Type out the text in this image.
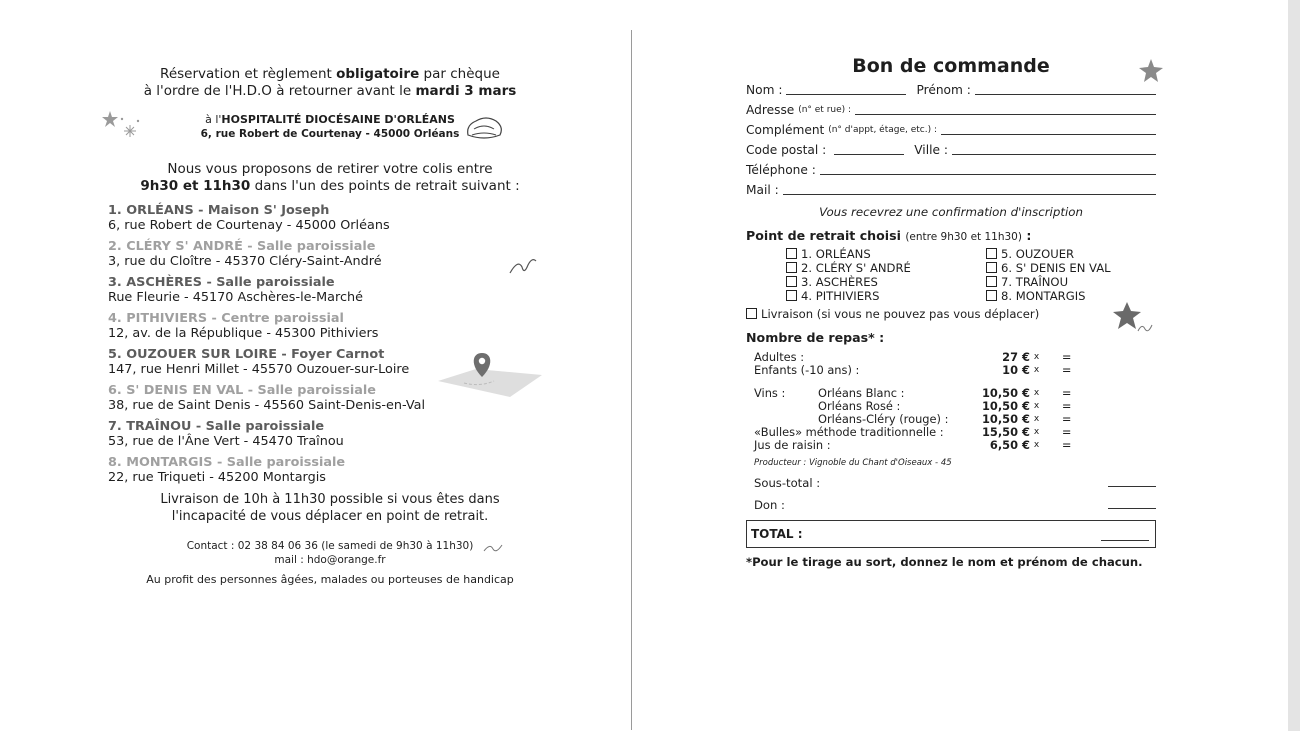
Réservation et règlement obligatoire par chèque
à l'ordre de l'H.D.O à retourner avant le mardi 3 mars
à l'HOSPITALITÉ DIOCÉSAINE D'ORLÉANS
6, rue Robert de Courtenay - 45000 Orléans
Nous vous proposons de retirer votre colis entre
9h30 et 11h30 dans l'un des points de retrait suivant :
1. ORLÉANS - Maison S' Joseph
6, rue Robert de Courtenay - 45000 Orléans
2. CLÉRY S' ANDRÉ - Salle paroissiale
3, rue du Cloître - 45370 Cléry-Saint-André
3. ASCHÈRES - Salle paroissiale
Rue Fleurie - 45170 Aschères-le-Marché
4. PITHIVIERS - Centre paroissial
12, av. de la République - 45300 Pithiviers
5. OUZOUER SUR LOIRE - Foyer Carnot
147, rue Henri Millet - 45570 Ouzouer-sur-Loire
6. S' DENIS EN VAL - Salle paroissiale
38, rue de Saint Denis - 45560 Saint-Denis-en-Val
7. TRAÎNOU - Salle paroissiale
53, rue de l'Âne Vert - 45470 Traînou
8. MONTARGIS - Salle paroissiale
22, rue Triqueti - 45200 Montargis
Livraison de 10h à 11h30 possible si vous êtes dans
l'incapacité de vous déplacer en point de retrait.
Contact : 02 38 84 06 36 (le samedi de 9h30 à 11h30)
mail : hdo@orange.fr
Au profit des personnes âgées, malades ou porteuses de handicap
Bon de commande
Nom :	Prénom :
Adresse
(n° et rue) :
Complément
(n° d'appt, étage, etc.) :
Code postal :	Ville :
Téléphone :
Mail :
Vous recevrez une confirmation d'inscription
Point de retrait choisi (entre 9h30 et 11h30) :
1. ORLÉANS	5. OUZOUER
2. CLÉRY S' ANDRÉ	6. S' DENIS EN VAL
3. ASCHÈRES	7. TRAÎNOU
4. PITHIVIERS	8. MONTARGIS
Livraison (si vous ne pouvez pas vous déplacer)
Nombre de repas* :
Adultes :		27 €	x	=
Enfants (-10 ans) :		10 €	x	=

Vins :	Orléans Blanc :	10,50 €	x	=
	Orléans Rosé :	10,50 €	x	=
	Orléans-Cléry (rouge) :	10,50 €	x	=
«Bulles» méthode traditionnelle :		15,50 €	x	=
Jus de raisin :		6,50 €	x	=
Producteur : Vignoble du Chant d'Oiseaux - 45
Sous-total :
Don :
TOTAL :
*Pour le tirage au sort, donnez le nom et prénom de chacun.
